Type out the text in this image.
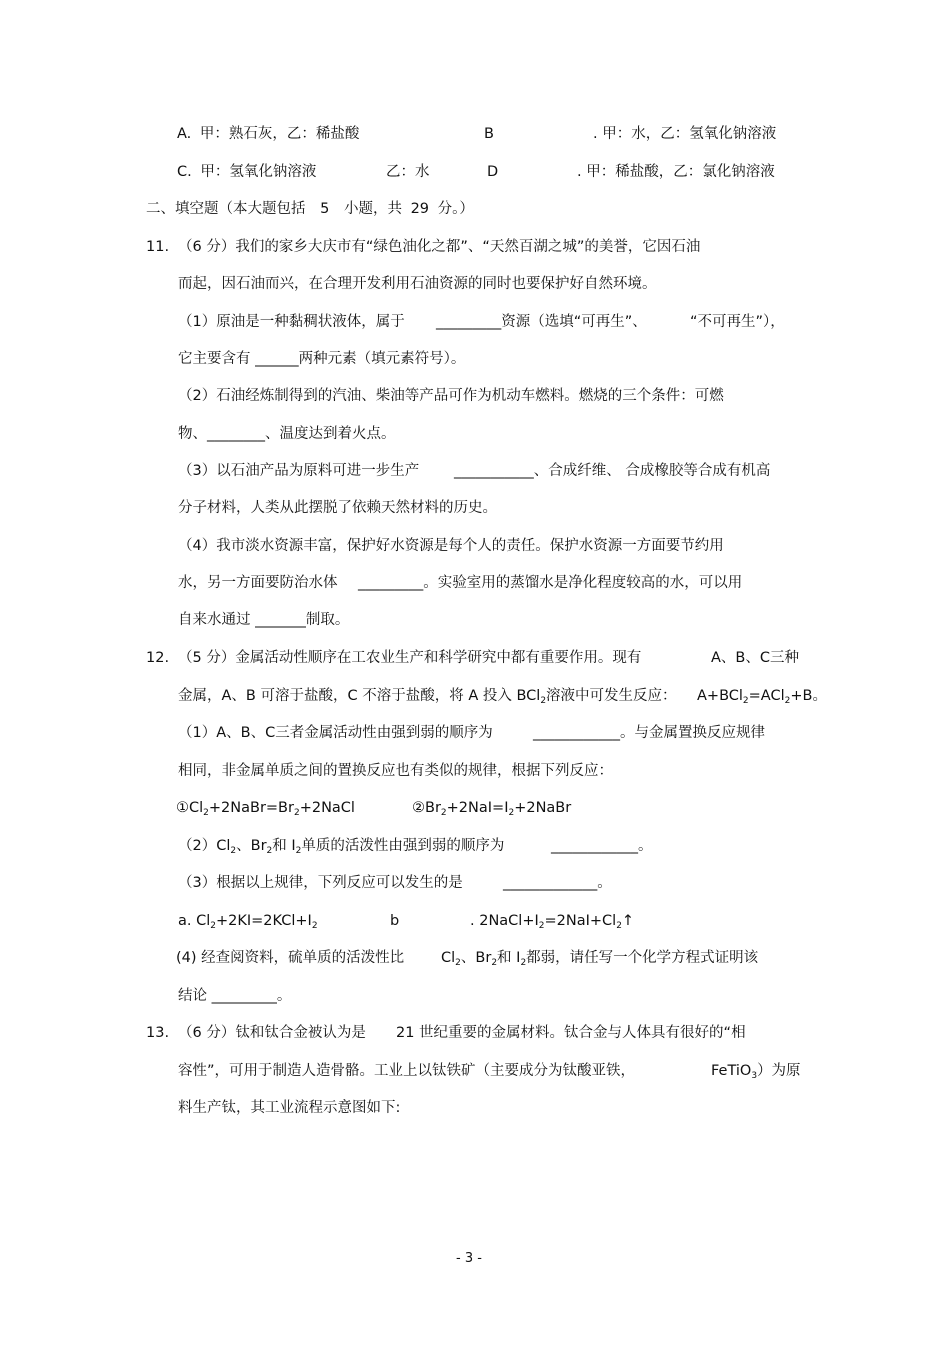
A. 甲：熟石灰，乙：稀盐酸	B	. 甲：水，乙：氢氧化钠溶液
C. 甲：氢氧化钠溶液	乙：水	D	. 甲：稀盐酸，乙：氯化钠溶液
二、填空题（本大题包括 5 小题，共 29 分。）
11. （6 分）我们的家乡大庆市有“绿色油化之都”、“天然百湖之城”的美誉，它因石油
而起，因石油而兴，在合理开发利用石油资源的同时也要保护好自然环境。
（1）原油是一种黏稠状液体，属于 _________资源（选填“可再生”、	“不可再生”），
它主要含有 ______两种元素（填元素符号）。
（2）石油经炼制得到的汽油、柴油等产品可作为机动车燃料。燃烧的三个条件：可燃
物、________、温度达到着火点。
（3）以石油产品为原料可进一步生产 ___________、合成纤维、 合成橡胶等合成有机高
分子材料，人类从此摆脱了依赖天然材料的历史。
（4）我市淡水资源丰富，保护好水资源是每个人的责任。保护水资源一方面要节约用
水，另一方面要防治水体 _________。实验室用的蒸馏水是净化程度较高的水，可以用
自来水通过 _______制取。
12. （5 分）金属活动性顺序在工农业生产和科学研究中都有重要作用。现有	A、B、C三种
金属，A、B 可溶于盐酸，C 不溶于盐酸，将 A 投入 BCl$_2$溶液中可发生反应： A+BCl$_2$=ACl$_2$+B。
（1）A、B、C三者金属活动性由强到弱的顺序为	____________。与金属置换反应规律
相同，非金属单质之间的置换反应也有类似的规律，根据下列反应：
$①Cl_2+2NaBr=Br_2+2NaCl$	$②Br_2+2NaI=I_2+2NaBr$
$(2)Cl_2$、$Br_2$和 $I_2$单质的活泼性由强到弱的顺序为	____________。
（3）根据以上规律，下列反应可以发生的是	_____________。
a. $Cl_2+2KI=2KCl+I_2$	b	. $2NaCl+I_2=2NaI+Cl_2↑$
(4) 经查阅资料，硫单质的活泼性比	$Cl_2$、$Br_2$和 $I_2$都弱，请任写一个化学方程式证明该
结论 _________。
13. （6 分）钛和钛合金被认为是 21 世纪重要的金属材料。钛合金与人体具有很好的“相
容性”，可用于制造人造骨骼。工业上以钛铁矿（主要成分为钛酸亚铁，	FeTiO$_3$）为原
料生产钛，其工业流程示意图如下:
- 3 -
